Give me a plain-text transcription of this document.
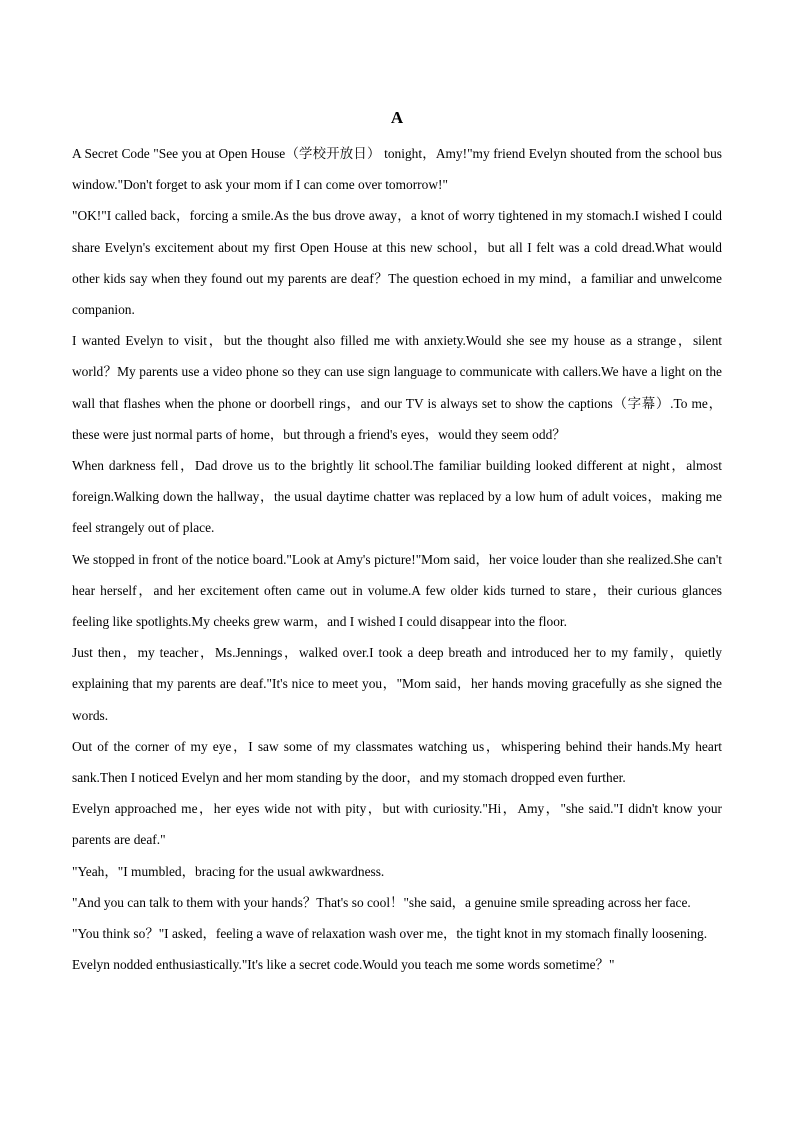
A

A Secret Code "See you at Open House（学校开放日） tonight，Amy!"my friend Evelyn shouted from the school bus window."Don't forget to ask your mom if I can come over tomorrow!"

"OK!"I called back，forcing a smile.As the bus drove away，a knot of worry tightened in my stomach.I wished I could share Evelyn's excitement about my first Open House at this new school，but all I felt was a cold dread.What would other kids say when they found out my parents are deaf？The question echoed in my mind，a familiar and unwelcome companion.

I wanted Evelyn to visit，but the thought also filled me with anxiety.Would she see my house as a strange，silent world？My parents use a video phone so they can use sign language to communicate with callers.We have a light on the wall that flashes when the phone or doorbell rings，and our TV is always set to show the captions（字幕）.To me，these were just normal parts of home，but through a friend's eyes，would they seem odd？

When darkness fell，Dad drove us to the brightly lit school.The familiar building looked different at night，almost foreign.Walking down the hallway，the usual daytime chatter was replaced by a low hum of adult voices，making me feel strangely out of place.

We stopped in front of the notice board."Look at Amy's picture!"Mom said，her voice louder than she realized.She can't hear herself，and her excitement often came out in volume.A few older kids turned to stare，their curious glances feeling like spotlights.My cheeks grew warm，and I wished I could disappear into the floor.

Just then，my teacher，Ms.Jennings，walked over.I took a deep breath and introduced her to my family，quietly explaining that my parents are deaf."It's nice to meet you，"Mom said，her hands moving gracefully as she signed the words.

Out of the corner of my eye，I saw some of my classmates watching us，whispering behind their hands.My heart sank.Then I noticed Evelyn and her mom standing by the door，and my stomach dropped even further.

Evelyn approached me，her eyes wide not with pity，but with curiosity."Hi，Amy，"she said."I didn't know your parents are deaf."

"Yeah，"I mumbled，bracing for the usual awkwardness.

"And you can talk to them with your hands？That's so cool！"she said，a genuine smile spreading across her face.

"You think so？"I asked，feeling a wave of relaxation wash over me，the tight knot in my stomach finally loosening.

Evelyn nodded enthusiastically."It's like a secret code.Would you teach me some words sometime？"
